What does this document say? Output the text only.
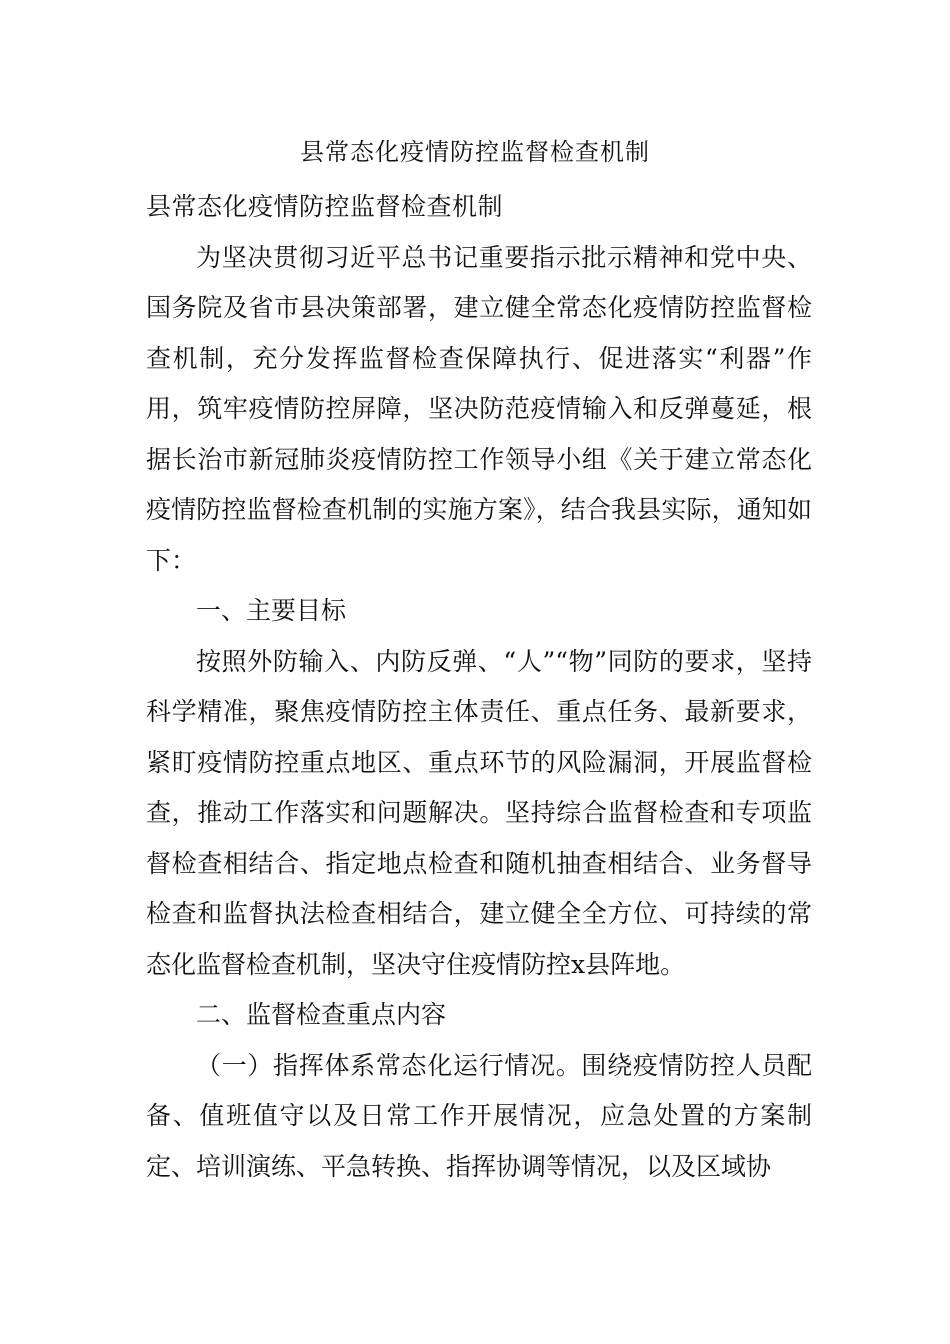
县常态化疫情防控监督检查机制

县常态化疫情防控监督检查机制

为坚决贯彻习近平总书记重要指示批示精神和党中央、国务院及省市县决策部署，建立健全常态化疫情防控监督检查机制，充分发挥监督检查保障执行、促进落实“利器”作用，筑牢疫情防控屏障，坚决防范疫情输入和反弹蔓延，根据长治市新冠肺炎疫情防控工作领导小组《关于建立常态化疫情防控监督检查机制的实施方案》，结合我县实际，通知如下：

一、主要目标

按照外防输入、内防反弹、“人”“物”同防的要求，坚持科学精准，聚焦疫情防控主体责任、重点任务、最新要求，紧盯疫情防控重点地区、重点环节的风险漏洞，开展监督检查，推动工作落实和问题解决。坚持综合监督检查和专项监督检查相结合、指定地点检查和随机抽查相结合、业务督导检查和监督执法检查相结合，建立健全全方位、可持续的常态化监督检查机制，坚决守住疫情防控x县阵地。

二、监督检查重点内容

（一）指挥体系常态化运行情况。围绕疫情防控人员配备、值班值守以及日常工作开展情况，应急处置的方案制定、培训演练、平急转换、指挥协调等情况，以及区域协
